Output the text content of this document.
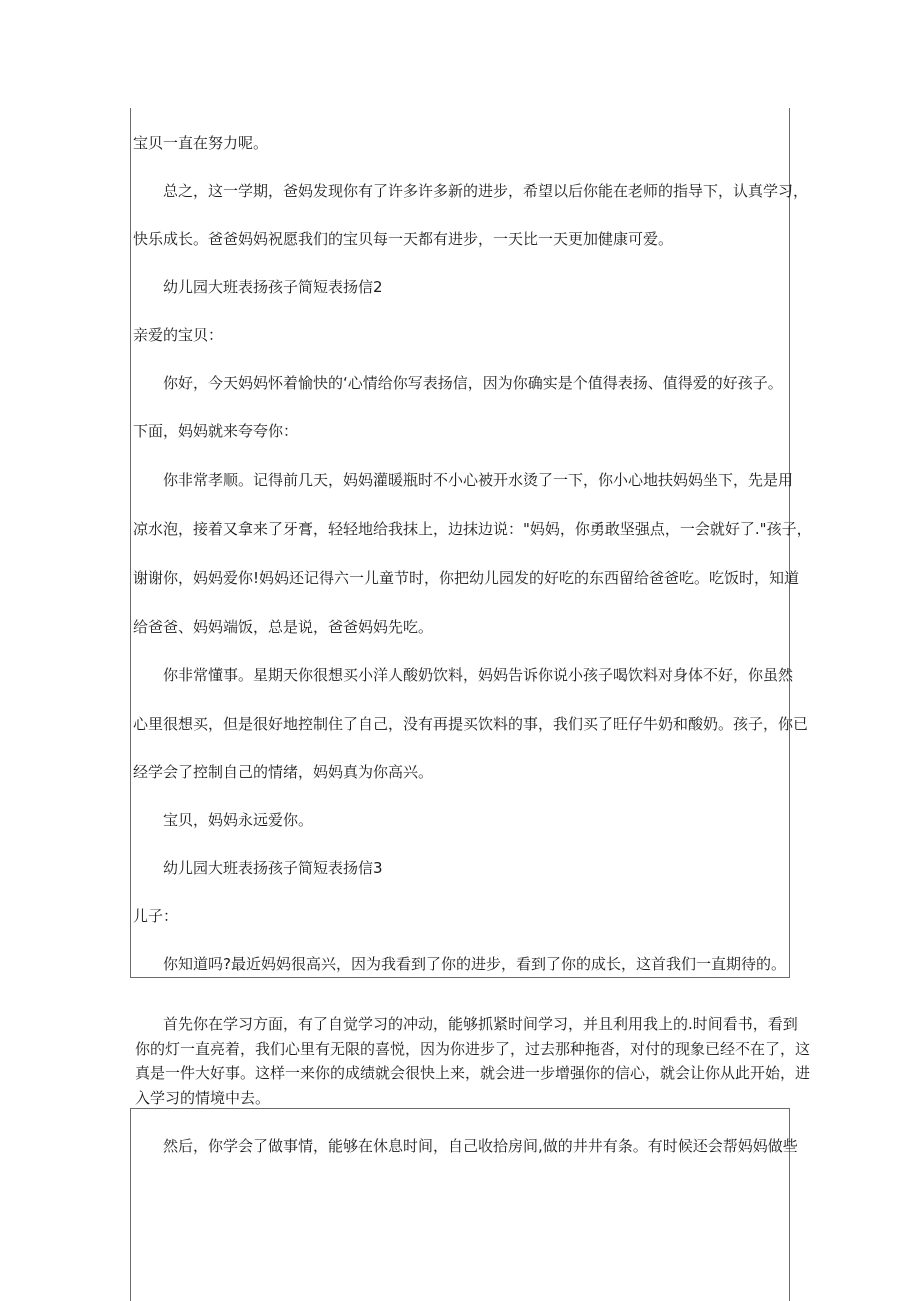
宝贝一直在努力呢。
总之，这一学期，爸妈发现你有了许多许多新的进步，希望以后你能在老师的指导下，认真学习，
快乐成长。爸爸妈妈祝愿我们的宝贝每一天都有进步，一天比一天更加健康可爱。
幼儿园大班表扬孩子简短表扬信2
亲爱的宝贝：
你好，今天妈妈怀着愉快的‘心情给你写表扬信，因为你确实是个值得表扬、值得爱的好孩子。
下面，妈妈就来夸夸你：
你非常孝顺。记得前几天，妈妈灌暖瓶时不小心被开水烫了一下，你小心地扶妈妈坐下，先是用
凉水泡，接着又拿来了牙膏，轻轻地给我抹上，边抹边说："妈妈，你勇敢坚强点，一会就好了."孩子，
谢谢你，妈妈爱你!妈妈还记得六一儿童节时，你把幼儿园发的好吃的东西留给爸爸吃。吃饭时，知道
给爸爸、妈妈端饭，总是说，爸爸妈妈先吃。
你非常懂事。星期天你很想买小洋人酸奶饮料，妈妈告诉你说小孩子喝饮料对身体不好，你虽然
心里很想买，但是很好地控制住了自己，没有再提买饮料的事，我们买了旺仔牛奶和酸奶。孩子，你已
经学会了控制自己的情绪，妈妈真为你高兴。
宝贝，妈妈永远爱你。
幼儿园大班表扬孩子简短表扬信3
儿子：
你知道吗?最近妈妈很高兴，因为我看到了你的进步，看到了你的成长，这首我们一直期待的。
首先你在学习方面，有了自觉学习的冲动，能够抓紧时间学习，并且利用我上的.时间看书，看到
你的灯一直亮着，我们心里有无限的喜悦，因为你进步了，过去那种拖沓，对付的现象已经不在了，这
真是一件大好事。这样一来你的成绩就会很快上来，就会进一步增强你的信心，就会让你从此开始，进
入学习的情境中去。
然后，你学会了做事情，能够在休息时间，自己收拾房间,做的井井有条。有时候还会帮妈妈做些
